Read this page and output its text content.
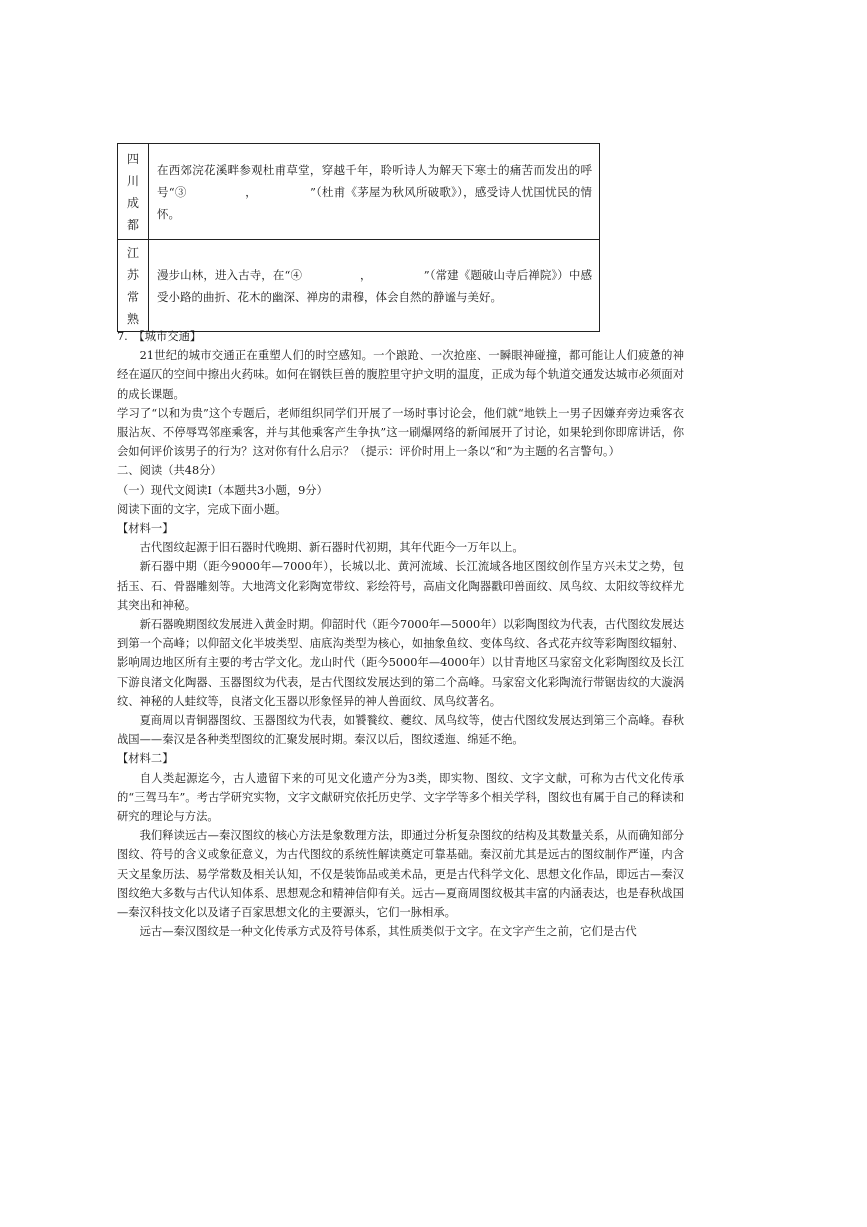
四
川
成
都	在西郊浣花溪畔参观杜甫草堂，穿越千年，聆听诗人为解天下寒士的痛苦而发出的呼号“③　　　　　，　　　　　”（杜甫《茅屋为秋风所破歌》），感受诗人忧国忧民的情怀。

江
苏
常
熟	漫步山林，进入古寺，在“④　　　　　，　　　　　”（常建《题破山寺后禅院》）中感受小路的曲折、花木的幽深、禅房的肃穆，体会自然的静谧与美好。

7.　【城市交通】

21世纪的城市交通正在重塑人们的时空感知。一个踉跄、一次抢座、一瞬眼神碰撞，都可能让人们疲惫的神经在逼仄的空间中擦出火药味。如何在钢铁巨兽的腹腔里守护文明的温度，正成为每个轨道交通发达城市必须面对的成长课题。

学习了“以和为贵”这个专题后，老师组织同学们开展了一场时事讨论会，他们就“地铁上一男子因嫌弃旁边乘客衣服沾灰、不停辱骂邻座乘客，并与其他乘客产生争执”这一刷爆网络的新闻展开了讨论，如果轮到你即席讲话，你会如何评价该男子的行为？这对你有什么启示？（提示：评价时用上一条以“和”为主题的名言警句。）

二、阅读（共48分）

（一）现代文阅读Ⅰ（本题共3小题，9分）

阅读下面的文字，完成下面小题。

【材料一】

古代图纹起源于旧石器时代晚期、新石器时代初期，其年代距今一万年以上。

新石器中期（距今9000年—7000年），长城以北、黄河流域、长江流域各地区图纹创作呈方兴未艾之势，包括玉、石、骨器雕刻等。大地湾文化彩陶宽带纹、彩绘符号，高庙文化陶器戳印兽面纹、凤鸟纹、太阳纹等纹样尤其突出和神秘。

新石器晚期图纹发展进入黄金时期。仰韶时代（距今7000年—5000年）以彩陶图纹为代表，古代图纹发展达到第一个高峰；以仰韶文化半坡类型、庙底沟类型为核心，如抽象鱼纹、变体鸟纹、各式花卉纹等彩陶图纹辐射、影响周边地区所有主要的考古学文化。龙山时代（距今5000年—4000年）以甘青地区马家窑文化彩陶图纹及长江下游良渚文化陶器、玉器图纹为代表，是古代图纹发展达到的第二个高峰。马家窑文化彩陶流行带锯齿纹的大漩涡纹、神秘的人蛙纹等，良渚文化玉器以形象怪异的神人兽面纹、凤鸟纹著名。

夏商周以青铜器图纹、玉器图纹为代表，如饕餮纹、夔纹、凤鸟纹等，使古代图纹发展达到第三个高峰。春秋战国——秦汉是各种类型图纹的汇聚发展时期。秦汉以后，图纹逶迤、绵延不绝。

【材料二】

自人类起源迄今，古人遗留下来的可见文化遗产分为3类，即实物、图纹、文字文献，可称为古代文化传承的“三驾马车”。考古学研究实物，文字文献研究依托历史学、文字学等多个相关学科，图纹也有属于自己的释读和研究的理论与方法。

我们释读远古—秦汉图纹的核心方法是象数理方法，即通过分析复杂图纹的结构及其数量关系，从而确知部分图纹、符号的含义或象征意义，为古代图纹的系统性解读奠定可靠基础。秦汉前尤其是远古的图纹制作严谨，内含天文星象历法、易学常数及相关认知，不仅是装饰品或美术品，更是古代科学文化、思想文化作品，即远古—秦汉图纹绝大多数与古代认知体系、思想观念和精神信仰有关。远古—夏商周图纹极其丰富的内涵表达，也是春秋战国—秦汉科技文化以及诸子百家思想文化的主要源头，它们一脉相承。

远古—秦汉图纹是一种文化传承方式及符号体系，其性质类似于文字。在文字产生之前，它们是古代
